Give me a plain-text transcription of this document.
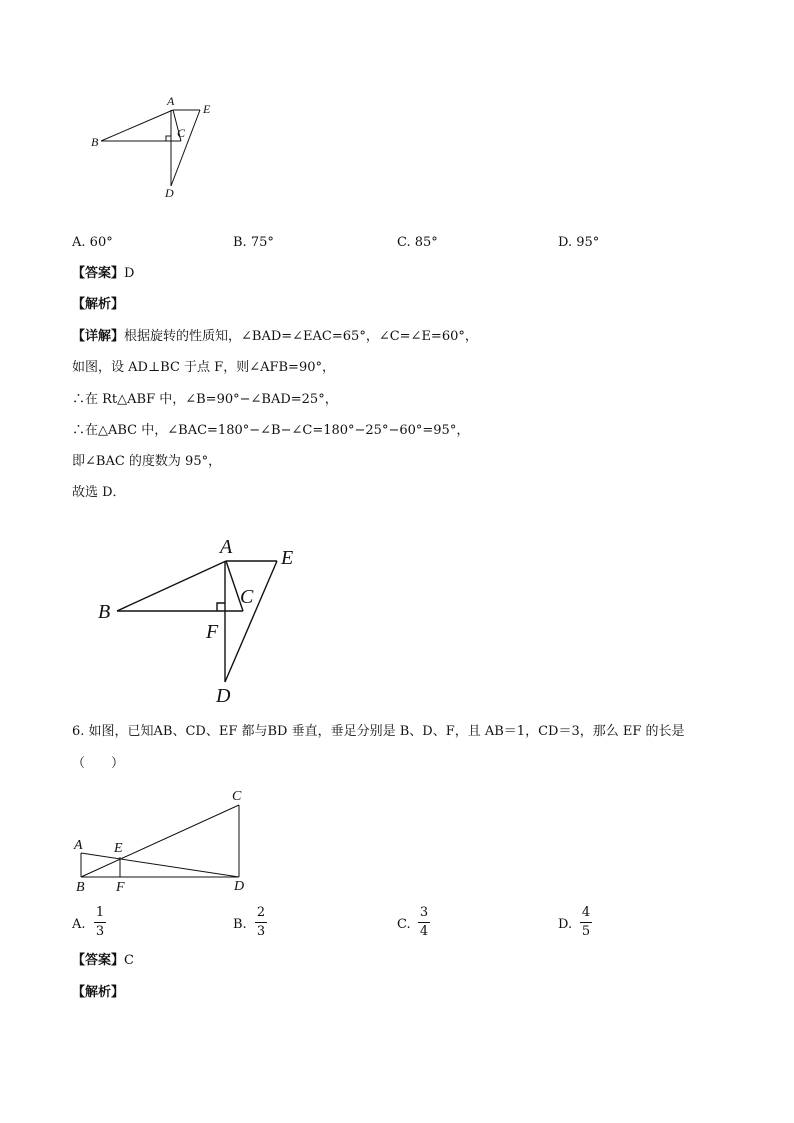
A
E
B
C
D
A. 60°	B. 75°	C. 85°	D. 95°
【答案】D
【解析】
【详解】根据旋转的性质知，∠BAD=∠EAC=65°，∠C=∠E=60°，
如图，设 AD⊥BC 于点 F，则∠AFB=90°，
∴在 Rt△ABF 中，∠B=90°−∠BAD=25°，
∴在△ABC 中，∠BAC=180°−∠B−∠C=180°−25°−60°=95°，
即∠BAC 的度数为 95°，
故选 D．
A E
B
C
F
D
6. 如图，已知AB、CD、EF 都与BD 垂直，垂足分别是 B、D、F，且 AB＝1，CD＝3，那么 EF 的长是
（　　）
C
A E
B F	D
A.
1
3	B.
2
3	C.
3
4	D.
4
5
【答案】C
【解析】
